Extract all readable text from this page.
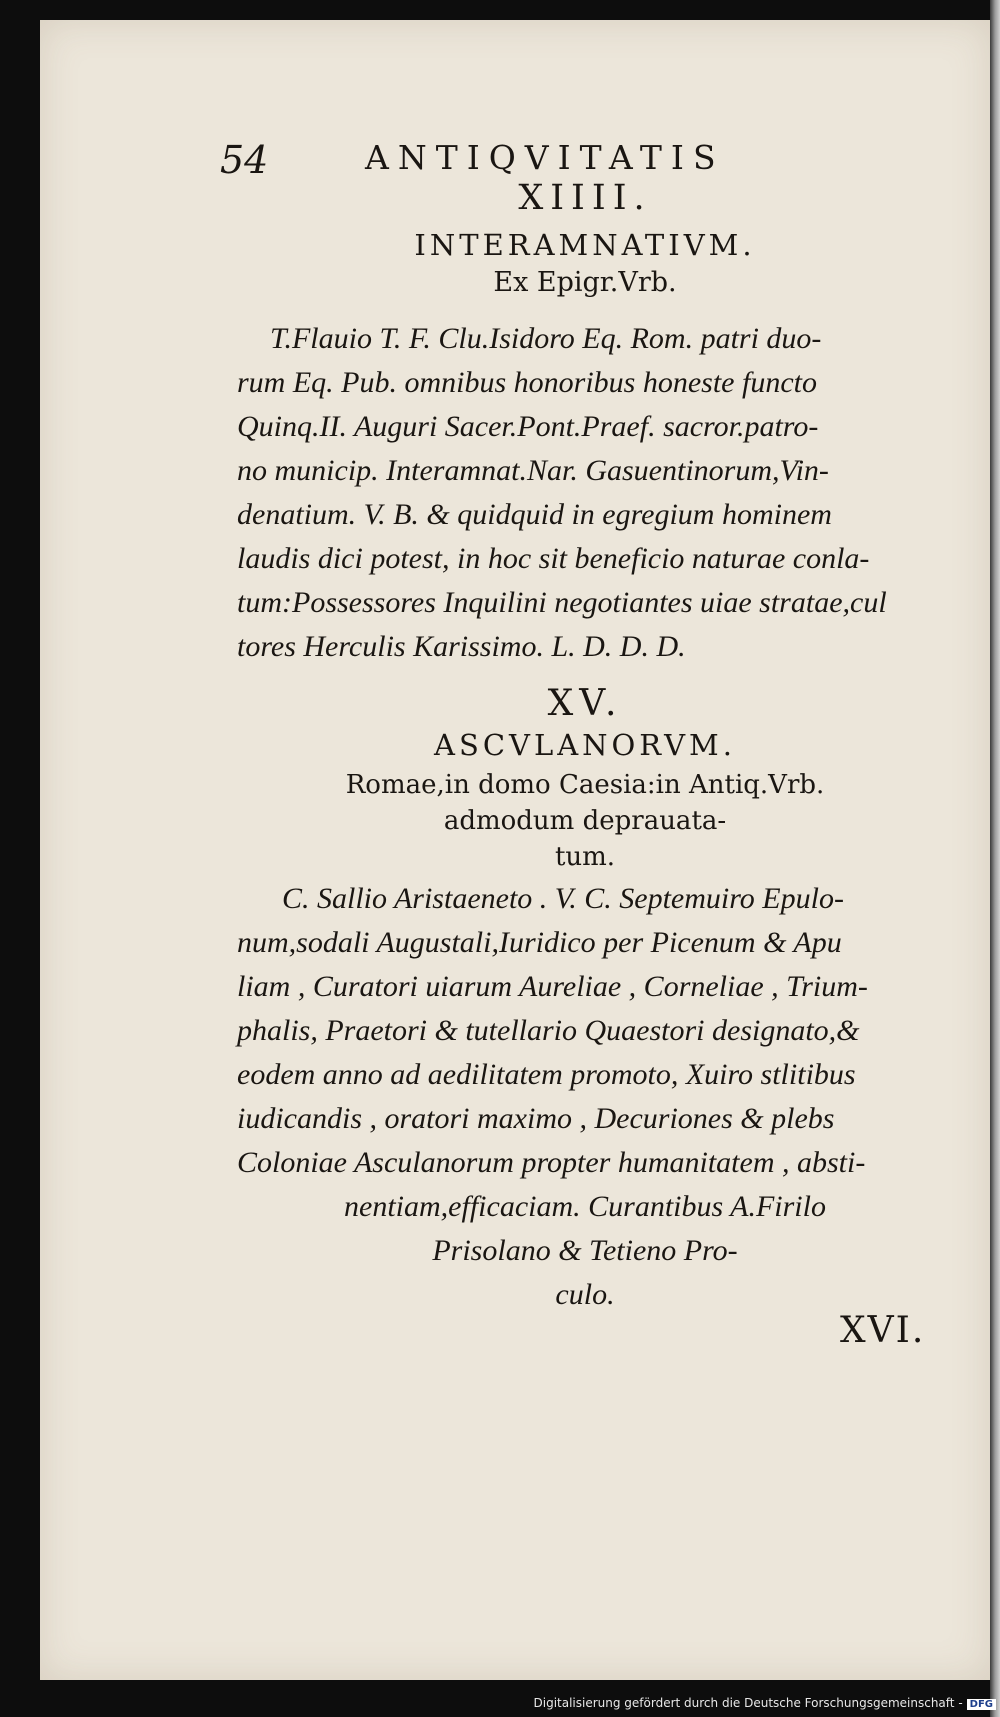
54	ANTIQVITATIS
XIIII.
INTERAMNATIVM.
Ex Epigr.Vrb.
T.Flauio T. F. Clu.Isidoro Eq. Rom. patri duo-
rum Eq. Pub. omnibus honoribus honeste functo
Quinq.II. Auguri Sacer.Pont.Praef. sacror.patro-
no municip. Interamnat.Nar. Gasuentinorum,Vin-
denatium. V. B. & quidquid in egregium hominem
laudis dici potest, in hoc sit beneficio naturae conla-
tum:Possessores Inquilini negotiantes uiae stratae,cul
tores Herculis Karissimo. L. D. D. D.
XV.
ASCVLANORVM.
Romae,in domo Caesia:in Antiq.Vrb.
admodum deprauata-
tum.
C. Sallio Aristaeneto . V. C. Septemuiro Epulo-
num,sodali Augustali,Iuridico per Picenum & Apu
liam , Curatori uiarum Aureliae , Corneliae , Trium-
phalis, Praetori & tutellario Quaestori designato,&
eodem anno ad aedilitatem promoto, Xuiro stlitibus
iudicandis , oratori maximo , Decuriones & plebs
Coloniae Asculanorum propter humanitatem , absti-
nentiam,efficaciam. Curantibus A.Firilo
Prisolano & Tetieno Pro-
culo.
XVI.
Digitalisierung gefördert durch die Deutsche Forschungsgemeinschaft - DFG
